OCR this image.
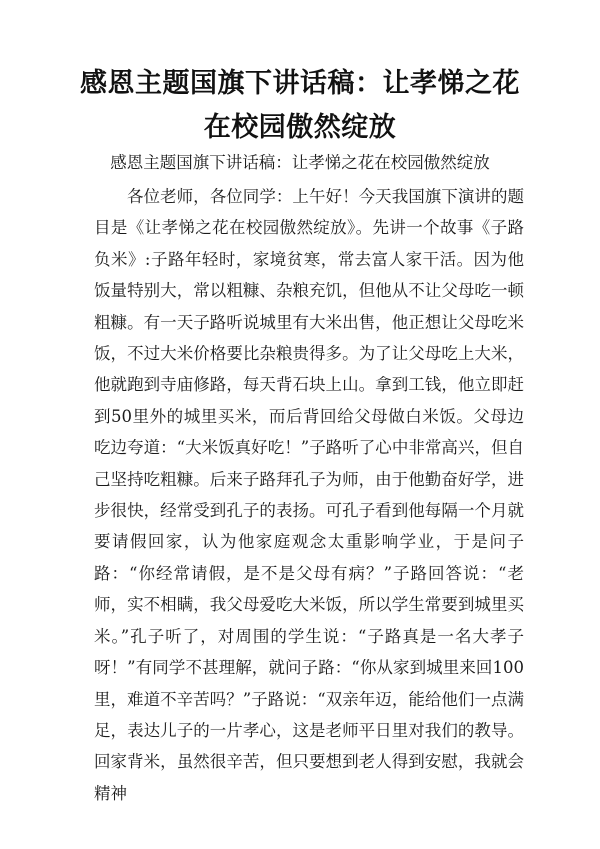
感恩主题国旗下讲话稿：让孝悌之花在校园傲然绽放
感恩主题国旗下讲话稿：让孝悌之花在校园傲然绽放

各位老师，各位同学：上午好！今天我国旗下演讲的题目是《让孝悌之花在校园傲然绽放》。先讲一个故事《子路负米》:子路年轻时，家境贫寒，常去富人家干活。因为他饭量特别大，常以粗糠、杂粮充饥，但他从不让父母吃一顿粗糠。有一天子路听说城里有大米出售，他正想让父母吃米饭，不过大米价格要比杂粮贵得多。为了让父母吃上大米，他就跑到寺庙修路，每天背石块上山。拿到工钱，他立即赶到50里外的城里买米，而后背回给父母做白米饭。父母边吃边夸道：“大米饭真好吃！”子路听了心中非常高兴，但自己坚持吃粗糠。后来子路拜孔子为师，由于他勤奋好学，进步很快，经常受到孔子的表扬。可孔子看到他每隔一个月就要请假回家，认为他家庭观念太重影响学业，于是问子路：“你经常请假，是不是父母有病？”子路回答说：“老师，实不相瞒，我父母爱吃大米饭，所以学生常要到城里买米。”孔子听了，对周围的学生说：“子路真是一名大孝子呀！”有同学不甚理解，就问子路：“你从家到城里来回100里，难道不辛苦吗？”子路说：“双亲年迈，能给他们一点满足，表达儿子的一片孝心，这是老师平日里对我们的教导。回家背米，虽然很辛苦，但只要想到老人得到安慰，我就会精神
